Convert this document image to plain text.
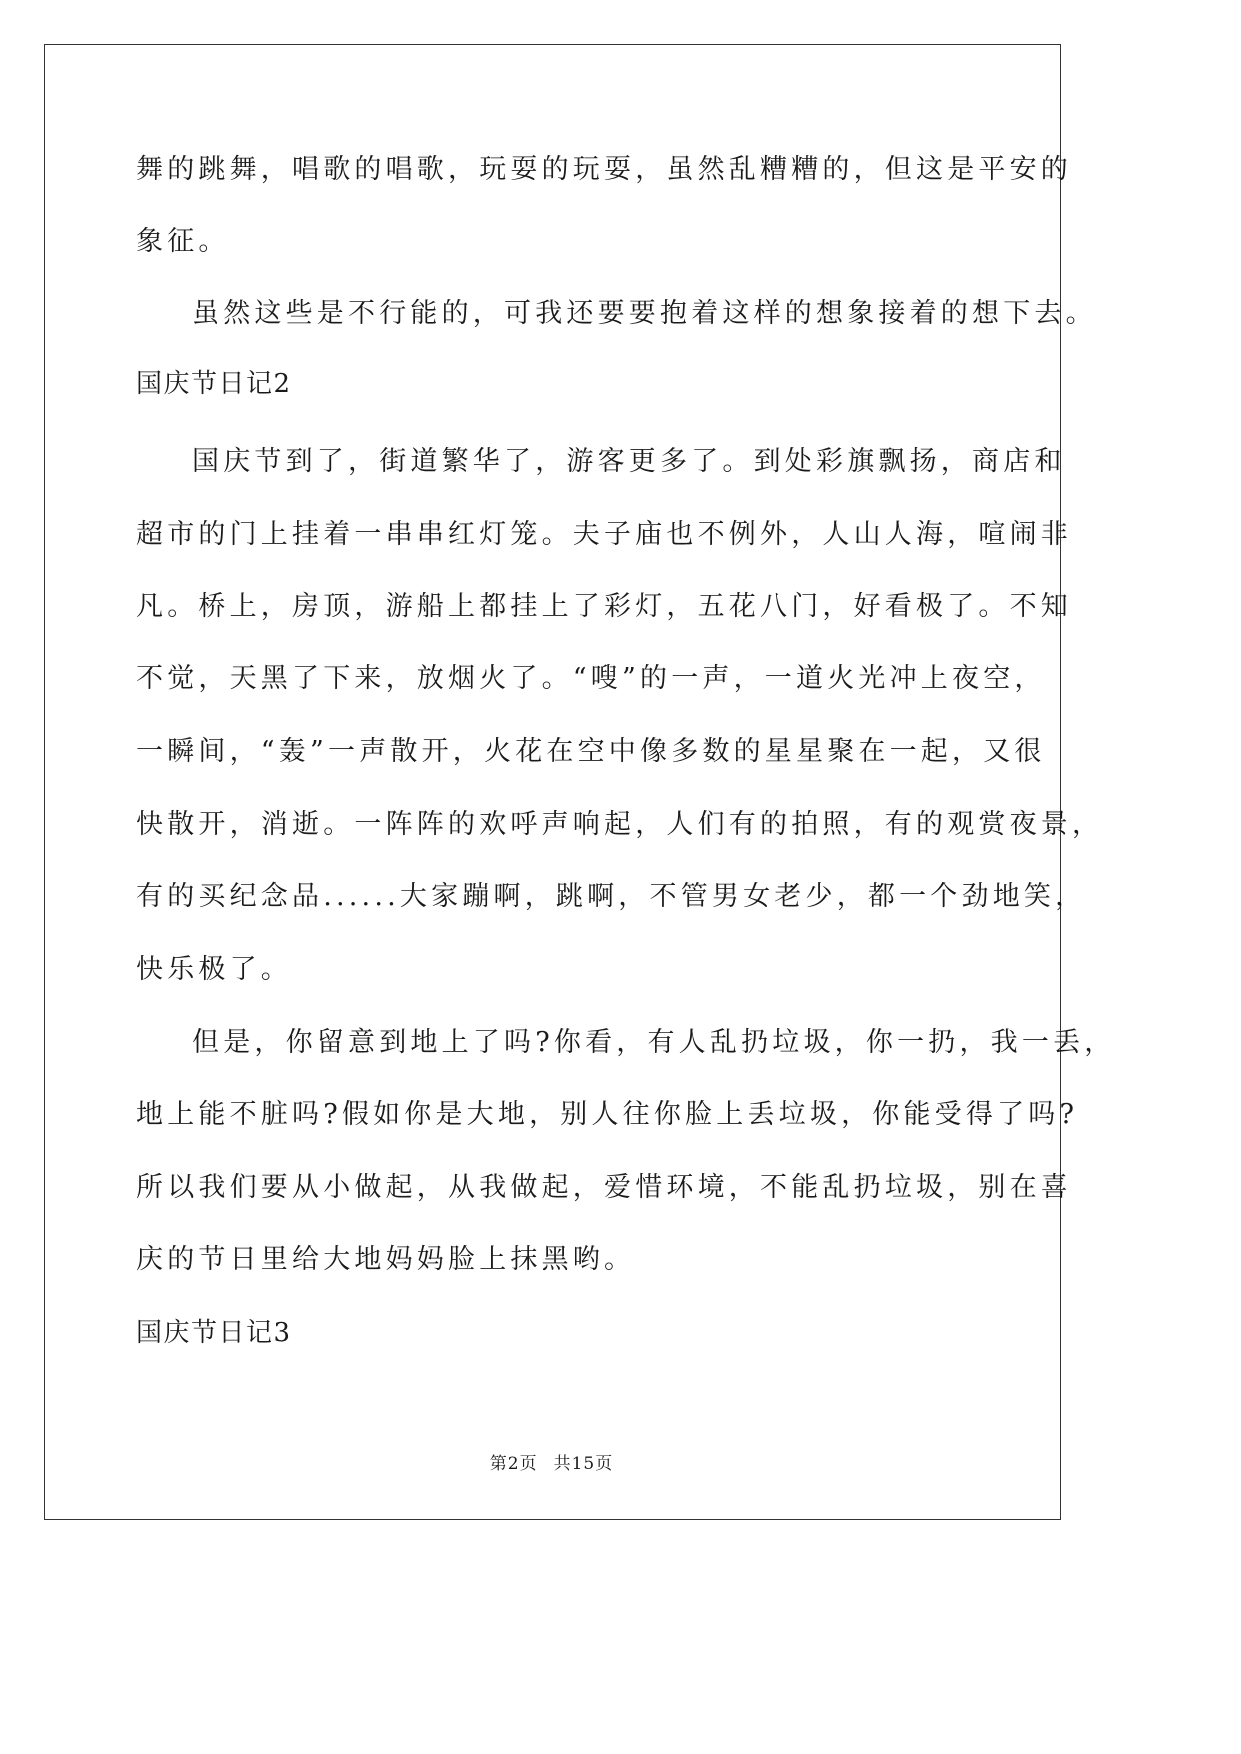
舞的跳舞，唱歌的唱歌，玩耍的玩耍，虽然乱糟糟的，但这是平安的
象征。
虽然这些是不行能的，可我还要要抱着这样的想象接着的想下去。
国庆节日记2
国庆节到了，街道繁华了，游客更多了。到处彩旗飘扬，商店和
超市的门上挂着一串串红灯笼。夫子庙也不例外，人山人海，喧闹非
凡。桥上，房顶，游船上都挂上了彩灯，五花八门，好看极了。不知
不觉，天黑了下来，放烟火了。“嗖”的一声，一道火光冲上夜空，
一瞬间，“轰”一声散开，火花在空中像多数的星星聚在一起，又很
快散开，消逝。一阵阵的欢呼声响起，人们有的拍照，有的观赏夜景，
有的买纪念品......大家蹦啊，跳啊，不管男女老少，都一个劲地笑，
快乐极了。
但是，你留意到地上了吗?你看，有人乱扔垃圾，你一扔，我一丢，
地上能不脏吗?假如你是大地，别人往你脸上丢垃圾，你能受得了吗?
所以我们要从小做起，从我做起，爱惜环境，不能乱扔垃圾，别在喜
庆的节日里给大地妈妈脸上抹黑哟。
国庆节日记3
第2页 共15页
